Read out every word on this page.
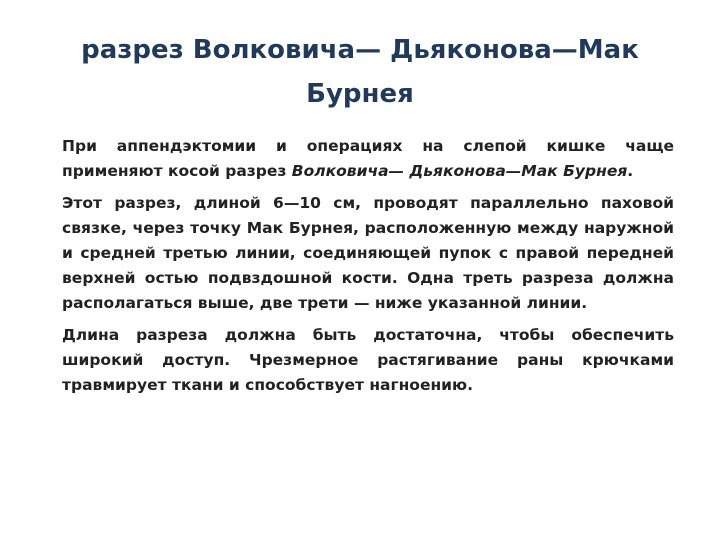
разрез Волковича— Дьяконова—Мак Бурнея

При аппендэктомии и операциях на слепой кишке чаще применяют косой разрез Волковича— Дьяконова—Мак Бурнея.

Этот разрез, длиной 6—10 см, проводят параллельно паховой связке, через точку Мак Бурнея, расположенную между наружной и средней третью линии, соединяющей пупок с правой передней верхней остью подвздошной кости. Одна треть разреза должна располагаться выше, две трети — ниже указанной линии.

Длина разреза должна быть достаточна, чтобы обеспечить широкий доступ. Чрезмерное растягивание раны крючками травмирует ткани и способствует нагноению.
